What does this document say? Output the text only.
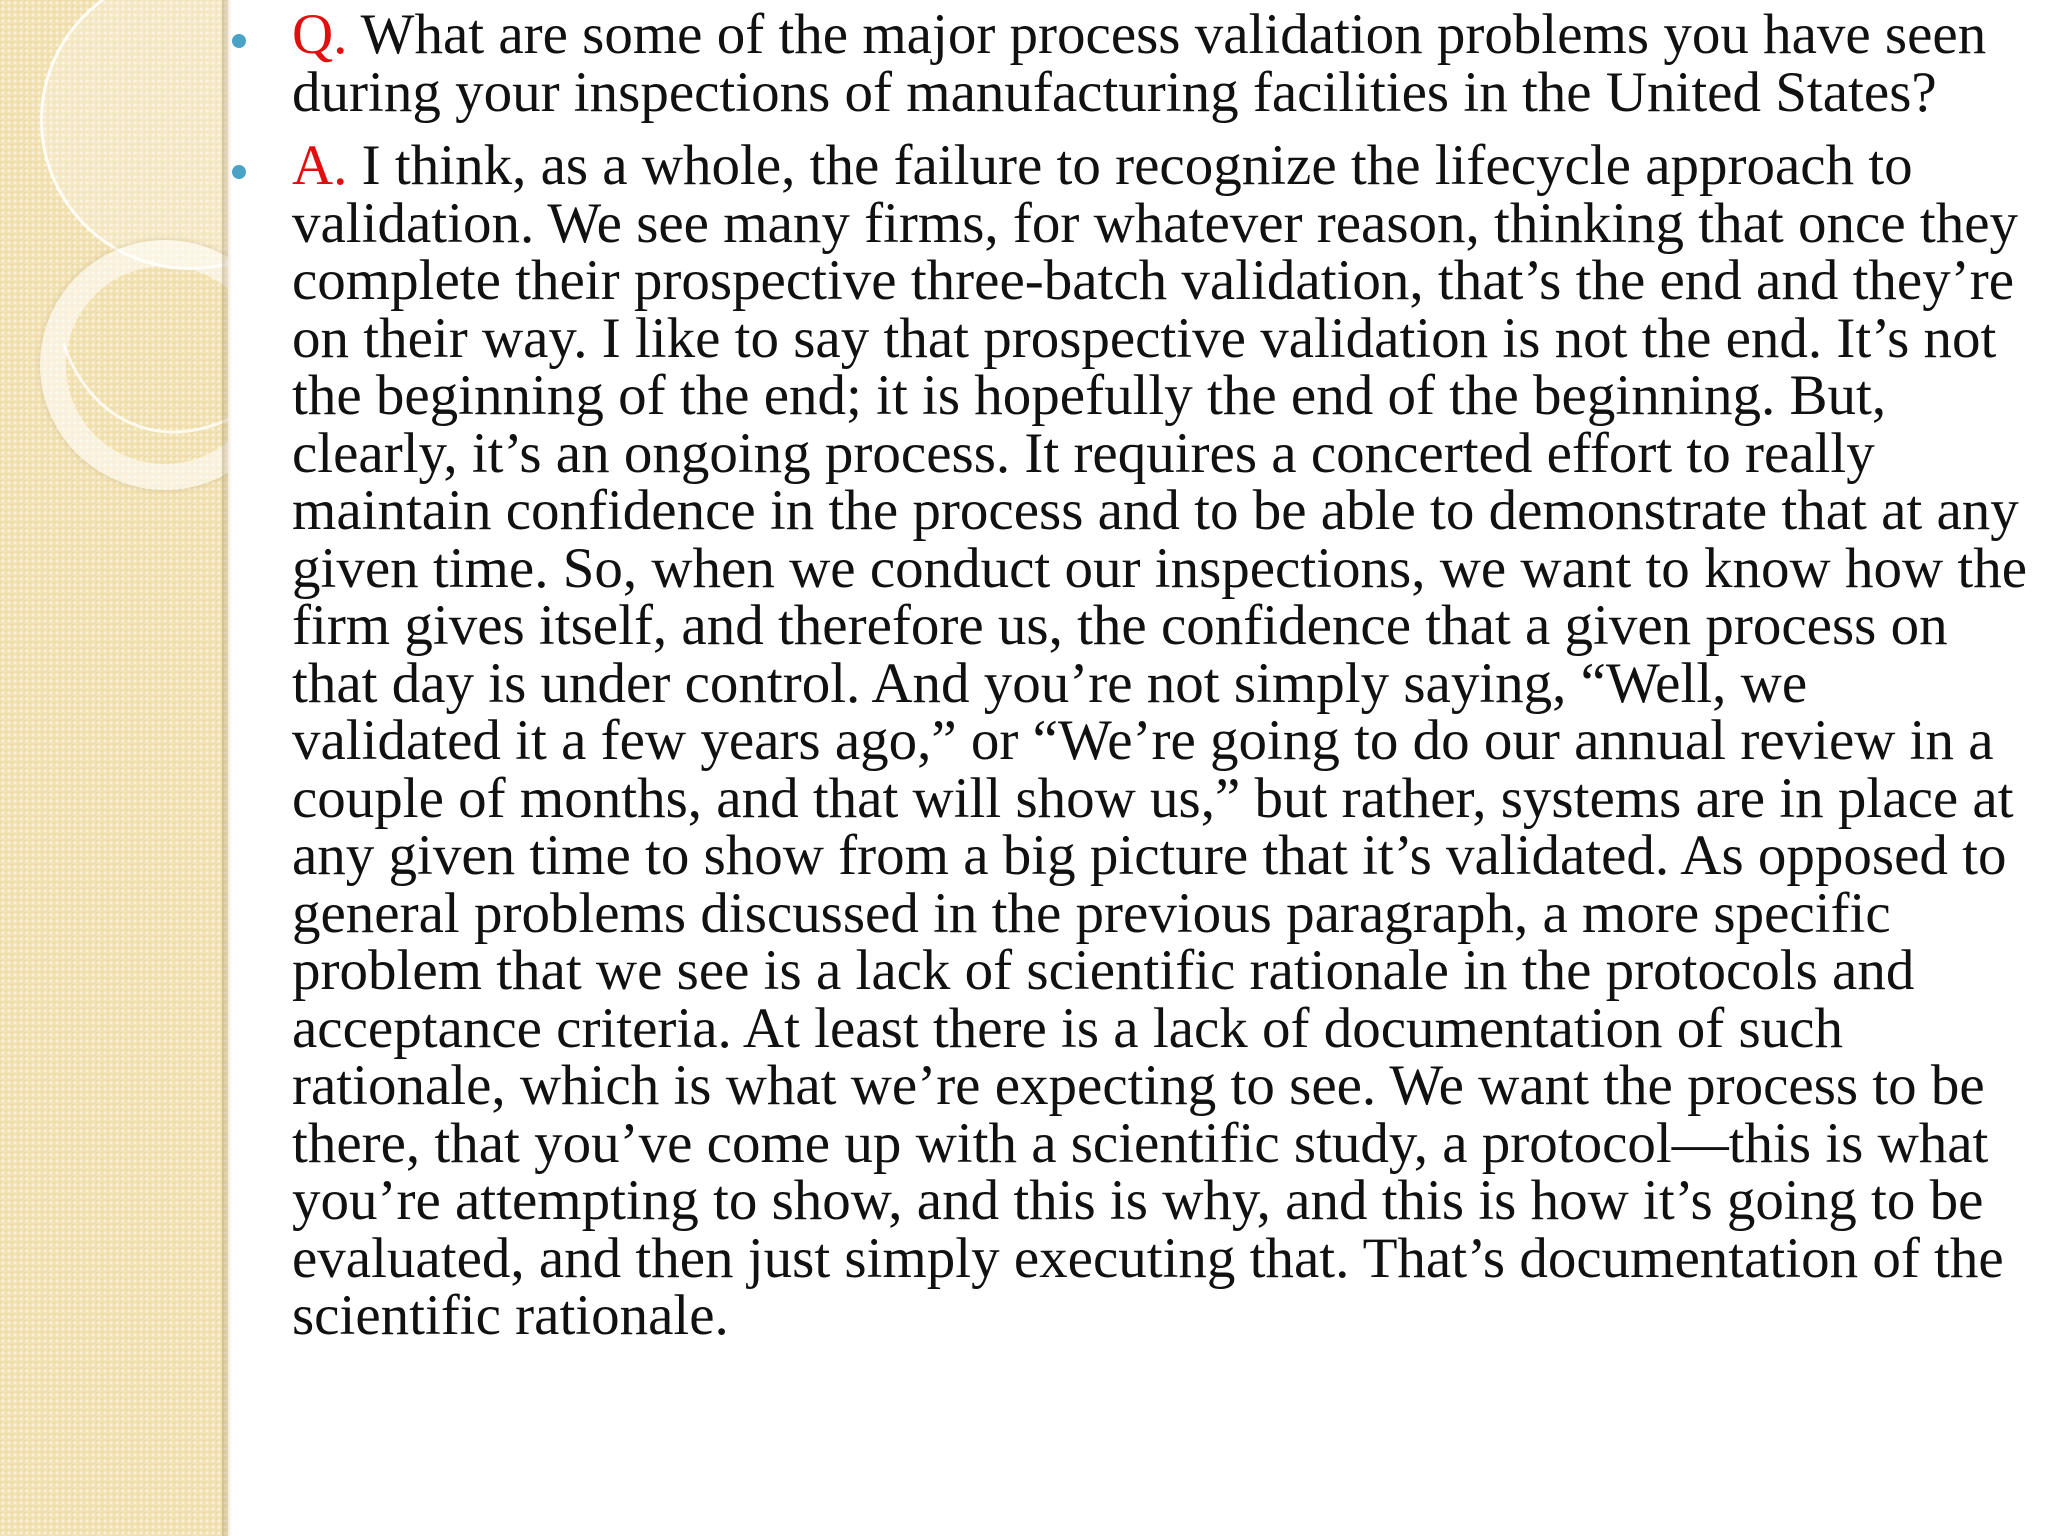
Q. What are some of the major process validation problems you have seen during your inspections of manufacturing facilities in the United States?
A. I think, as a whole, the failure to recognize the lifecycle approach to validation. We see many firms, for whatever reason, thinking that once they complete their prospective three-batch validation, that’s the end and they’re on their way. I like to say that prospective validation is not the end. It’s not the beginning of the end; it is hopefully the end of the beginning. But, clearly, it’s an ongoing process. It requires a concerted effort to really maintain confidence in the process and to be able to demonstrate that at any given time. So, when we conduct our inspections, we want to know how the firm gives itself, and therefore us, the confidence that a given process on that day is under control. And you’re not simply saying, “Well, we validated it a few years ago,” or “We’re going to do our annual review in a couple of months, and that will show us,” but rather, systems are in place at any given time to show from a big picture that it’s validated. As opposed to general problems discussed in the previous paragraph, a more specific problem that we see is a lack of scientific rationale in the protocols and acceptance criteria. At least there is a lack of documentation of such rationale, which is what we’re expecting to see. We want the process to be there, that you’ve come up with a scientific study, a protocol—this is what you’re attempting to show, and this is why, and this is how it’s going to be evaluated, and then just simply executing that. That’s documentation of the scientific rationale.
